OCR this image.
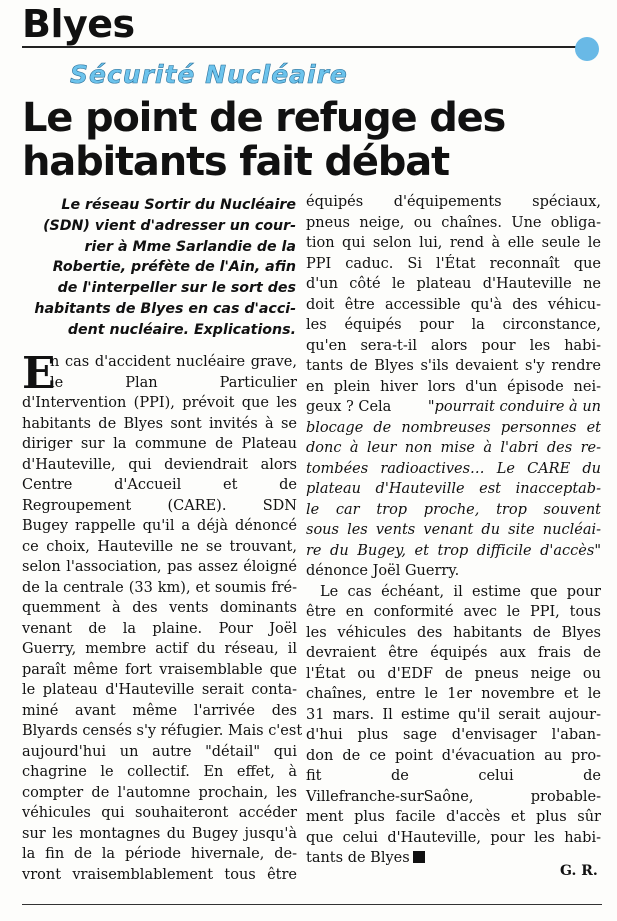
Blyes
Sécurité Nucléaire
Le point de refuge des
habitants fait débat
Le réseau Sortir du Nucléaire
(SDN) vient d'adresser un cour-
rier à Mme Sarlandie de la
Robertie, préfète de l'Ain, afin
de l'interpeller sur le sort des
habitants de Blyes en cas d'acci-
dent nucléaire. Explications.
E
n cas d'accident nucléaire grave,
le Plan Particulier
d'Intervention (PPI), prévoit que les
habitants de Blyes sont invités à se
diriger sur la commune de Plateau
d'Hauteville, qui deviendrait alors
Centre d'Accueil et de
Regroupement (CARE). SDN
Bugey rappelle qu'il a déjà dénoncé
ce choix, Hauteville ne se trouvant,
selon l'association, pas assez éloigné
de la centrale (33 km), et soumis fré-
quemment à des vents dominants
venant de la plaine. Pour Joël
Guerry, membre actif du réseau, il
paraît même fort vraisemblable que
le plateau d'Hauteville serait conta-
miné avant même l'arrivée des
Blyards censés s'y réfugier. Mais c'est
aujourd'hui un autre "détail" qui
chagrine le collectif. En effet, à
compter de l'automne prochain, les
véhicules qui souhaiteront accéder
sur les montagnes du Bugey jusqu'à
la fin de la période hivernale, de-
vront vraisemblablement tous être
équipés d'équipements spéciaux,
pneus neige, ou chaînes. Une obliga-
tion qui selon lui, rend à elle seule le
PPI caduc. Si l'État reconnaît que
d'un côté le plateau d'Hauteville ne
doit être accessible qu'à des véhicu-
les équipés pour la circonstance,
qu'en sera-t-il alors pour les habi-
tants de Blyes s'ils devaient s'y rendre
en plein hiver lors d'un épisode nei-
geux ? Cela	"pourrait conduire à un
blocage de nombreuses personnes et
donc à leur non mise à l'abri des re-
tombées radioactives… Le CARE du
plateau d'Hauteville est inacceptab-
le car trop proche, trop souvent
sous les vents venant du site nucléai-
re du Bugey, et trop difficile d'accès"
dénonce Joël Guerry.
Le cas échéant, il estime que pour
être en conformité avec le PPI, tous
les véhicules des habitants de Blyes
devraient être équipés aux frais de
l'État ou d'EDF de pneus neige ou
chaînes, entre le 1er novembre et le
31 mars. Il estime qu'il serait aujour-
d'hui plus sage d'envisager l'aban-
don de ce point d'évacuation au pro-
fit de celui de
Villefranche-surSaône, probable-
ment plus facile d'accès et plus sûr
que celui d'Hauteville, pour les habi-
tants de Blyes
G. R.
